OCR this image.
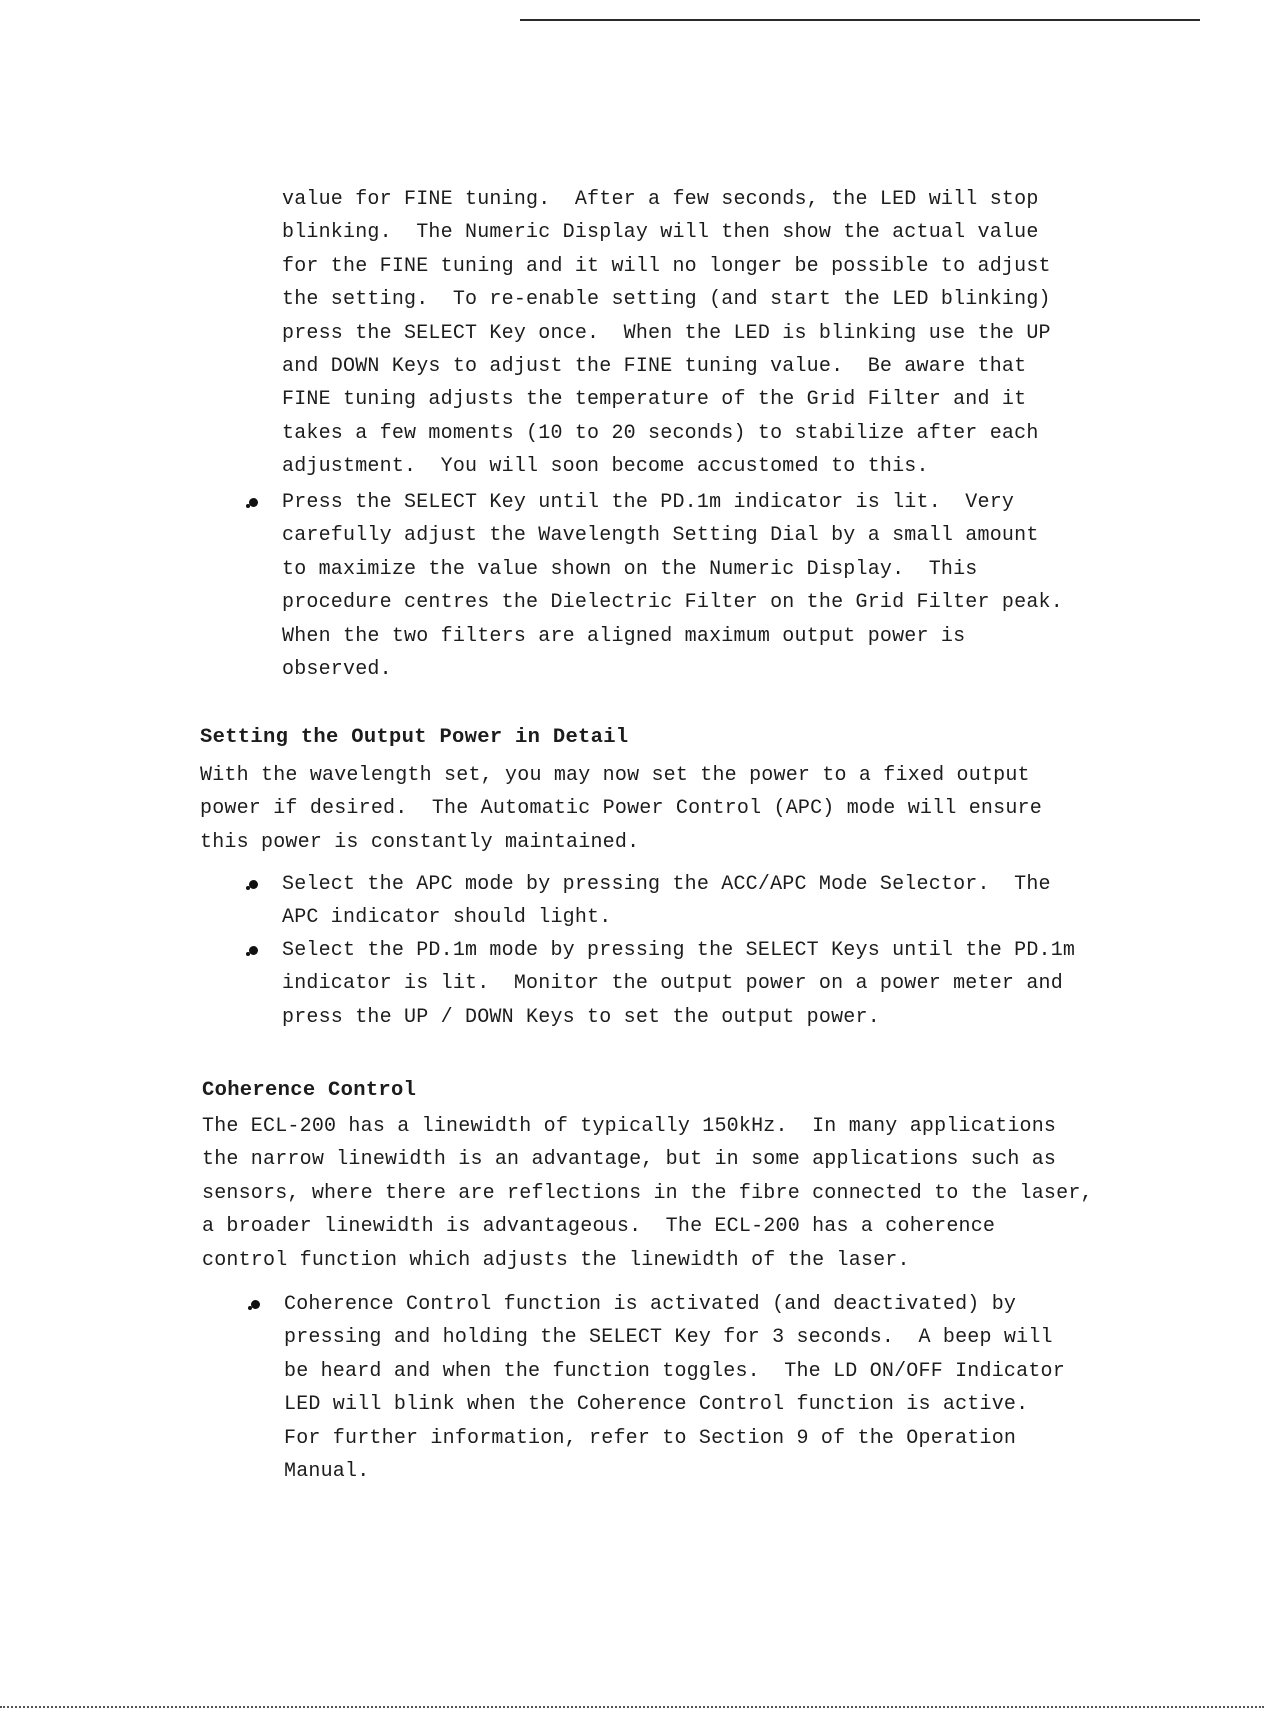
value for FINE tuning.  After a few seconds, the LED will stop
blinking.  The Numeric Display will then show the actual value
for the FINE tuning and it will no longer be possible to adjust
the setting.  To re-enable setting (and start the LED blinking)
press the SELECT Key once.  When the LED is blinking use the UP
and DOWN Keys to adjust the FINE tuning value.  Be aware that
FINE tuning adjusts the temperature of the Grid Filter and it
takes a few moments (10 to 20 seconds) to stabilize after each
adjustment.  You will soon become accustomed to this.
Press the SELECT Key until the PD.1m indicator is lit.  Very
carefully adjust the Wavelength Setting Dial by a small amount
to maximize the value shown on the Numeric Display.  This
procedure centres the Dielectric Filter on the Grid Filter peak.
When the two filters are aligned maximum output power is
observed.
Setting the Output Power in Detail
With the wavelength set, you may now set the power to a fixed output
power if desired.  The Automatic Power Control (APC) mode will ensure
this power is constantly maintained.
Select the APC mode by pressing the ACC/APC Mode Selector.  The
APC indicator should light.
Select the PD.1m mode by pressing the SELECT Keys until the PD.1m
indicator is lit.  Monitor the output power on a power meter and
press the UP / DOWN Keys to set the output power.
Coherence Control
The ECL-200 has a linewidth of typically 150kHz.  In many applications
the narrow linewidth is an advantage, but in some applications such as
sensors, where there are reflections in the fibre connected to the laser,
a broader linewidth is advantageous.  The ECL-200 has a coherence
control function which adjusts the linewidth of the laser.
Coherence Control function is activated (and deactivated) by
pressing and holding the SELECT Key for 3 seconds.  A beep will
be heard and when the function toggles.  The LD ON/OFF Indicator
LED will blink when the Coherence Control function is active.
For further information, refer to Section 9 of the Operation
Manual.
